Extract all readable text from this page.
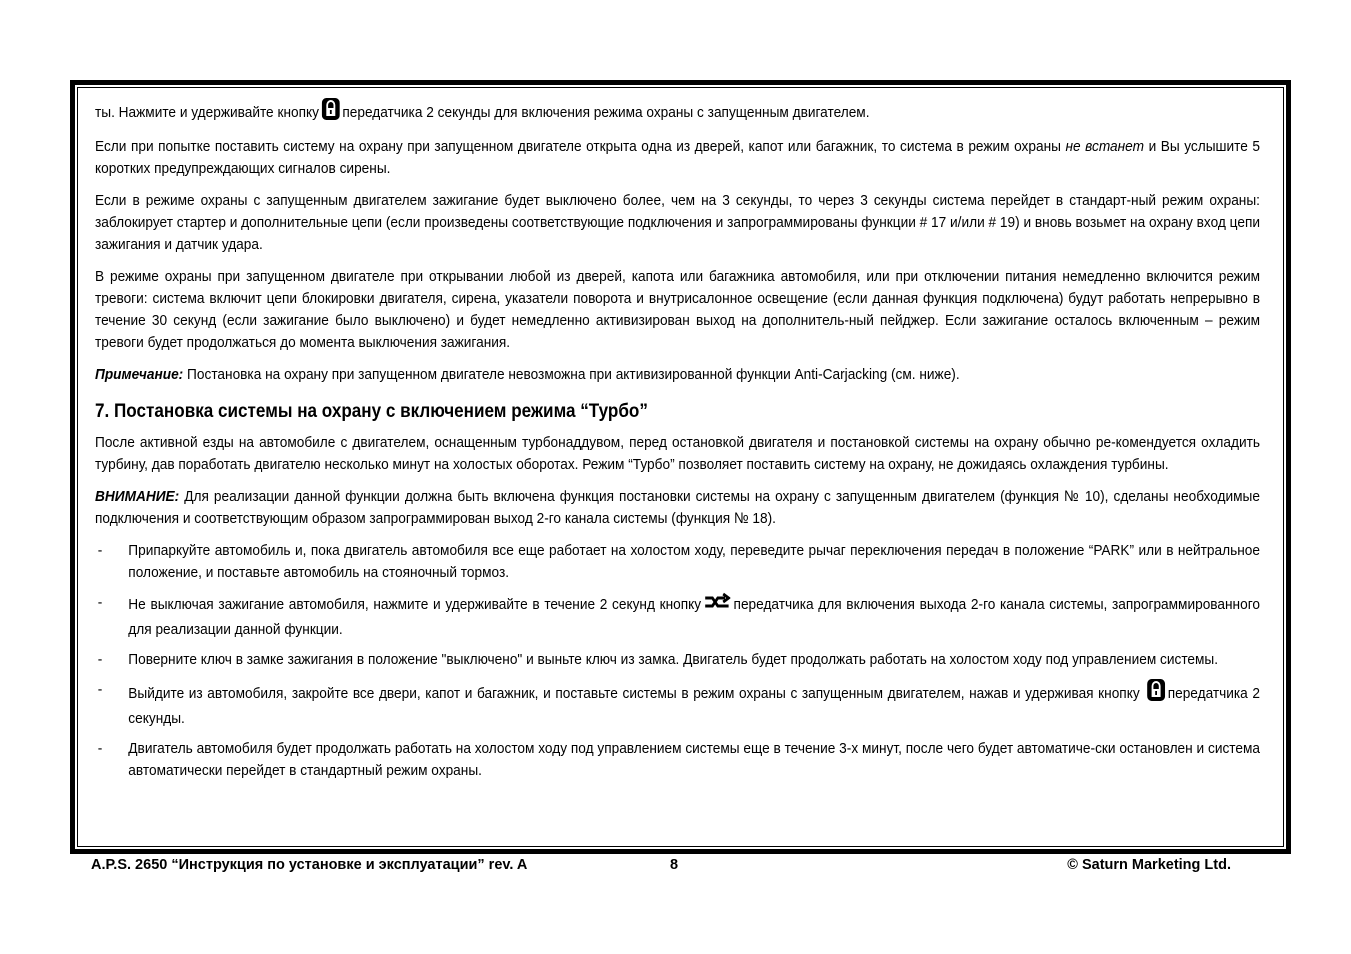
ты. Нажмите и удерживайте кнопку передатчика 2 секунды для включения режима охраны с запущенным двигателем.

Если при попытке поставить систему на охрану при запущенном двигателе открыта одна из дверей, капот или багажник, то система в режим охраны не встанет и Вы услышите 5 коротких предупреждающих сигналов сирены.

Если в режиме охраны с запущенным двигателем зажигание будет выключено более, чем на 3 секунды, то через 3 секунды система перейдет в стандарт-ный режим охраны: заблокирует стартер и дополнительные цепи (если произведены соответствующие подключения и запрограммированы функции # 17 и/или # 19) и вновь возьмет на охрану вход цепи зажигания и датчик удара.

В режиме охраны при запущенном двигателе при открывании любой из дверей, капота или багажника автомобиля, или при отключении питания немедленно включится режим тревоги: система включит цепи блокировки двигателя, сирена, указатели поворота и внутрисалонное освещение (если данная функция подключена) будут работать непрерывно в течение 30 секунд (если зажигание было выключено) и будет немедленно активизирован выход на дополнитель-ный пейджер. Если зажигание осталось включенным – режим тревоги будет продолжаться до момента выключения зажигания.

Примечание: Постановка на охрану при запущенном двигателе невозможна при активизированной функции Anti-Carjacking (см. ниже).

7. Постановка системы на охрану с включением режима “Турбо”

После активной езды на автомобиле с двигателем, оснащенным турбонаддувом, перед остановкой двигателя и постановкой системы на охрану обычно ре-комендуется охладить турбину, дав поработать двигателю несколько минут на холостых оборотах. Режим “Турбо” позволяет поставить систему на охрану, не дожидаясь охлаждения турбины.

ВНИМАНИЕ: Для реализации данной функции должна быть включена функция постановки системы на охрану с запущенным двигателем (функция № 10), сделаны необходимые подключения и соответствующим образом запрограммирован выход 2-го канала системы (функция № 18).

- Припаркуйте автомобиль и, пока двигатель автомобиля все еще работает на холостом ходу, переведите рычаг переключения передач в положение “PARK” или в нейтральное положение, и поставьте автомобиль на стояночный тормоз.
- Не выключая зажигание автомобиля, нажмите и удерживайте в течение 2 секунд кнопку передатчика для включения выхода 2-го канала системы, запрограммированного для реализации данной функции.
- Поверните ключ в замке зажигания в положение "выключено" и выньте ключ из замка. Двигатель будет продолжать работать на холостом ходу под управлением системы.
- Выйдите из автомобиля, закройте все двери, капот и багажник, и поставьте системы в режим охраны с запущенным двигателем, нажав и удерживая кнопку передатчика 2 секунды.
- Двигатель автомобиля будет продолжать работать на холостом ходу под управлением системы еще в течение 3-х минут, после чего будет автоматиче-ски остановлен и система автоматически перейдет в стандартный режим охраны.
A.P.S. 2650 “Инструкция по установке и эксплуатации” rev. A	8	© Saturn Marketing Ltd.
